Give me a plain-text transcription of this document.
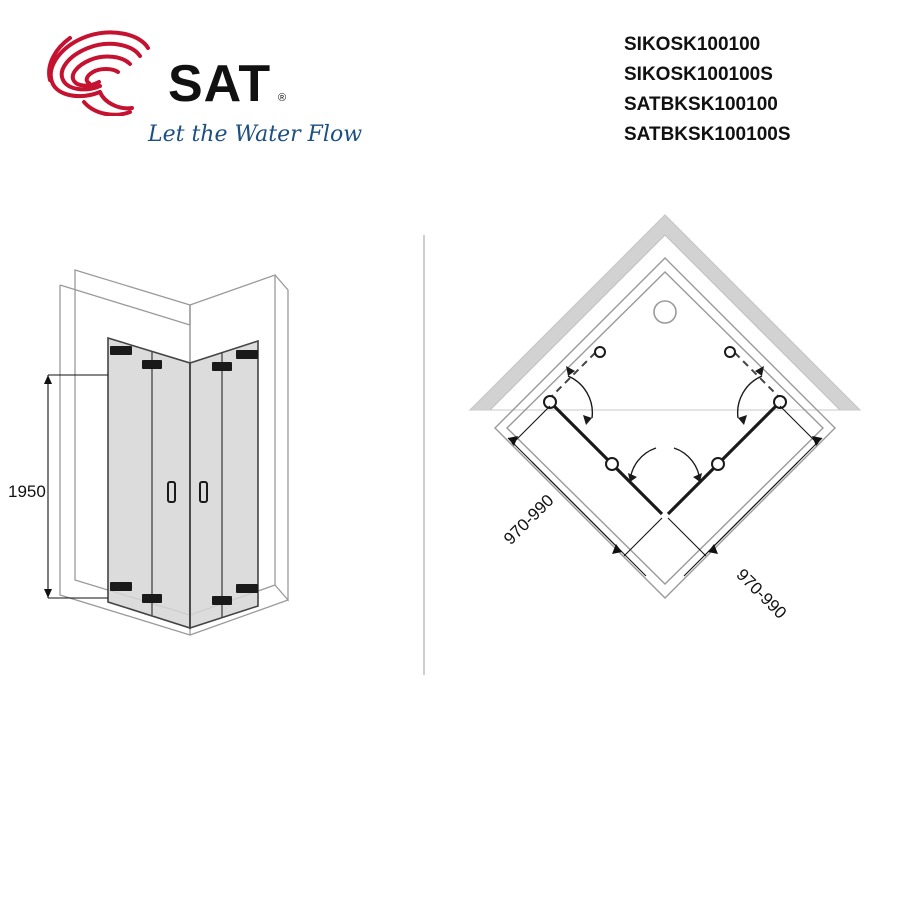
SAT ®
Let the Water Flow
SIKOSK100100
SIKOSK100100S
SATBKSK100100
SATBKSK100100S
1950	970-990
970-990
